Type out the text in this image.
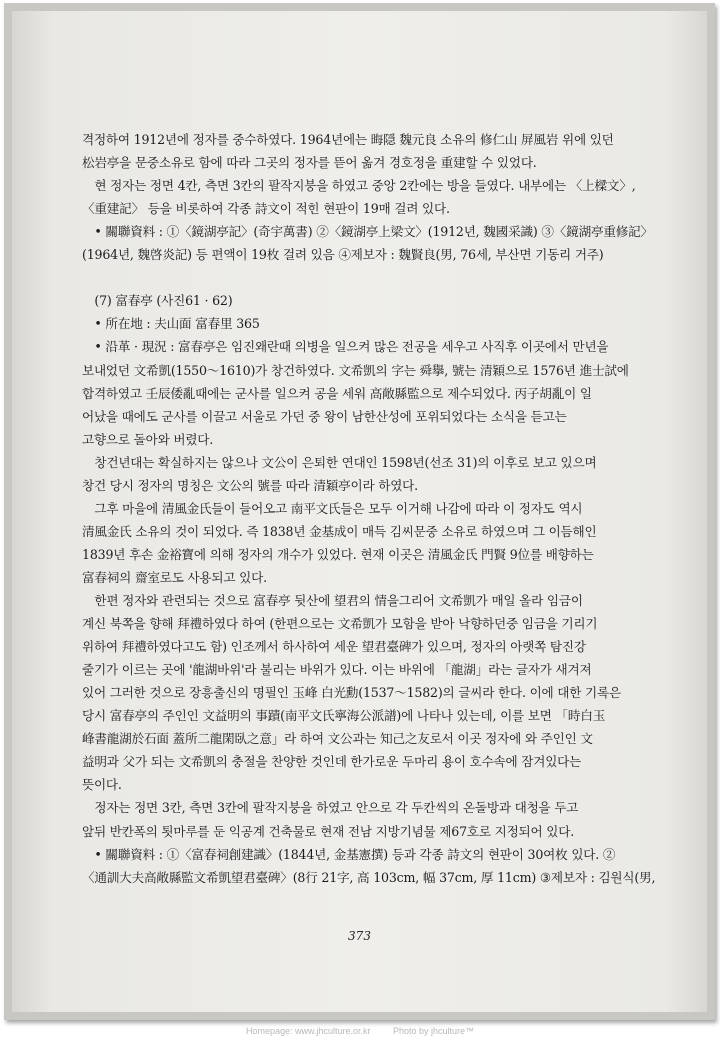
격정하여 1912년에 정자를 중수하였다. 1964년에는 晦隠 魏元良 소유의 修仁山 屏風岩 위에 있던
松岩亭을 문중소유로 함에 따라 그곳의 정자를 뜯어 옮겨 경호정을 重建할 수 있었다.
　현 정자는 정면 4칸, 측면 3칸의 팔작지붕을 하였고 중앙 2칸에는 방을 들였다. 내부에는 〈上樑文〉,
〈重建記〉 등을 비롯하여 각종 詩文이 적힌 현판이 19매 걸려 있다.
　• 關聯資料 : ①〈鏡湖亭記〉(奇宇萬書) ②〈鏡湖亭上梁文〉(1912년, 魏國采識) ③〈鏡湖亭重修記〉
(1964년, 魏啓炎記) 등 편액이 19枚 걸려 있음 ④제보자 : 魏賢良(男, 76세, 부산면 기동리 거주)
　(7) 富春亭 (사진61 · 62)
　• 所在地 : 夫山面 富春里 365
　• 沿革 · 現況 : 富春亭은 임진왜란때 의병을 일으켜 많은 전공을 세우고 사직후 이곳에서 만년을
보내었던 文希凱(1550～1610)가 창건하였다. 文希凱의 字는 舜擧, 號는 清穎으로 1576년 進士試에
합격하였고 壬辰倭亂때에는 군사를 일으켜 공을 세워 高敞縣監으로 제수되었다. 丙子胡亂이 일
어났을 때에도 군사를 이끌고 서울로 가던 중 왕이 남한산성에 포위되었다는 소식을 듣고는
고향으로 돌아와 버렸다.
　창건년대는 확실하지는 않으나 文公이 은퇴한 연대인 1598년(선조 31)의 이후로 보고 있으며
창건 당시 정자의 명칭은 文公의 號를 따라 清穎亭이라 하였다.
　그후 마을에 清風金氏들이 들어오고 南平文氏들은 모두 이거해 나감에 따라 이 정자도 역시
清風金氏 소유의 것이 되었다. 즉 1838년 金基成이 매득 김씨문중 소유로 하였으며 그 이듬해인
1839년 후손 金裕寶에 의해 정자의 개수가 있었다. 현재 이곳은 清風金氏 門賢 9位를 배향하는
富春祠의 齋室로도 사용되고 있다.
　한편 정자와 관련되는 것으로 富春亭 뒷산에 望君의 情을그리어 文希凱가 매일 올라 임금이
계신 북쪽을 향해 拜禮하였다 하여 (한편으로는 文希凱가 모함을 받아 낙향하던중 임금을 기리기
위하여 拜禮하였다고도 함) 인조께서 하사하여 세운 望君臺碑가 있으며, 정자의 아랫쪽 탐진강
줄기가 이르는 곳에 '龍湖바위'라 불리는 바위가 있다. 이는 바위에 「龍湖」라는 글자가 새겨져
있어 그러한 것으로 장흥출신의 명필인 玉峰 白光勳(1537～1582)의 글씨라 한다. 이에 대한 기록은
당시 富春亭의 주인인 文益明의 事蹟(南平文氏寧海公派譜)에 나타나 있는데, 이를 보면 「時白玉
峰書龍湖於石面 蓋所二龍閑臥之意」라 하여 文公과는 知己之友로서 이곳 정자에 와 주인인 文
益明과 父가 되는 文希凱의 충절을 찬양한 것인데 한가로운 두마리 용이 호수속에 잠겨있다는
뜻이다.
　정자는 정면 3칸, 측면 3칸에 팔작지붕을 하였고 안으로 각 두칸씩의 온돌방과 대청을 두고
앞뒤 반칸폭의 툇마루를 둔 익공계 건축물로 현재 전남 지방기념물 제67호로 지정되어 있다.
　• 關聯資料 : ①〈富春祠創建識〉(1844년, 金基憲撰) 등과 각종 詩文의 현판이 30여枚 있다. ②
〈通訓大夫高敞縣監文希凱望君臺碑〉(8行 21字, 高 103cm, 幅 37cm, 厚 11cm) ③제보자 : 김원식(男,
373
Homepage: www.jhculture.or.kr	Photo by jhculture™
